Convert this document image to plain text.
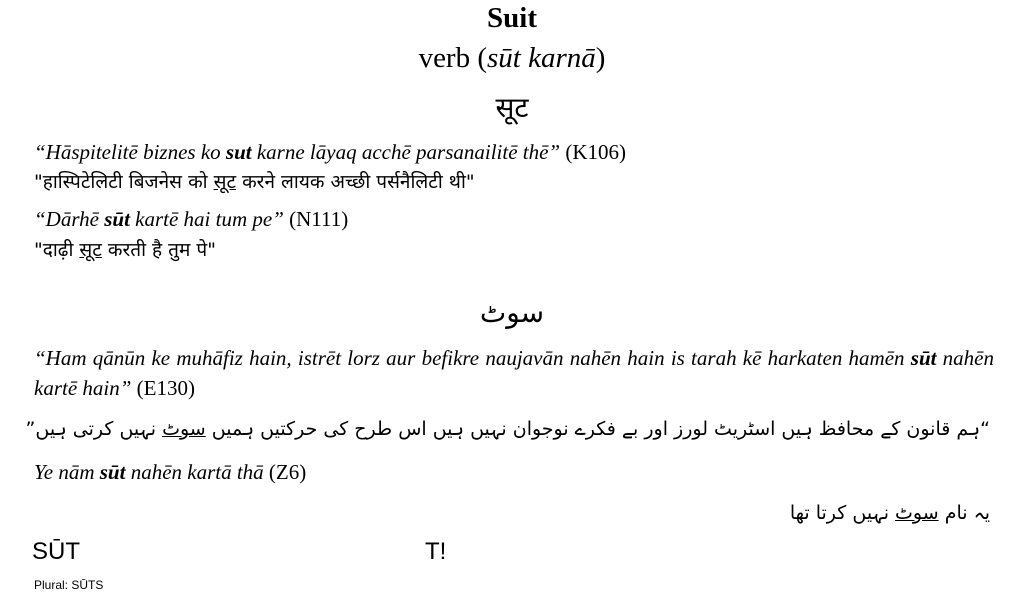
Suit
verb (sūt karnā)
सूट
“Hāspitelitē biznes ko sut karne lāyaq acchē parsanailitē thē” (K106)
"हास्पिटेलिटी बिजनेस को सूट करने लायक अच्छी पर्सनैलिटी थी"
“Dārhē sūt kartē hai tum pe” (N111)
"दाढ़ी सूट करती है तुम पे"
سوٹ
“Ham qānūn ke muhāfiz hain, istrēt lorz aur befikre naujavān nahēn hain is tarah kē harkaten hamēn sūt nahēn kartē hain” (E130)
“ہم قانون کے محافظ ہیں اسٹریٹ لورز اور بے فکرے نوجوان نہیں ہیں اس طرح کی حرکتیں ہمیں سوٹ نہیں کرتی ہیں”
Ye nām sūt nahēn kartā thā (Z6)
یہ نام سوٹ نہیں کرتا تھا
SŪT	T!
Plural: SŪTS
